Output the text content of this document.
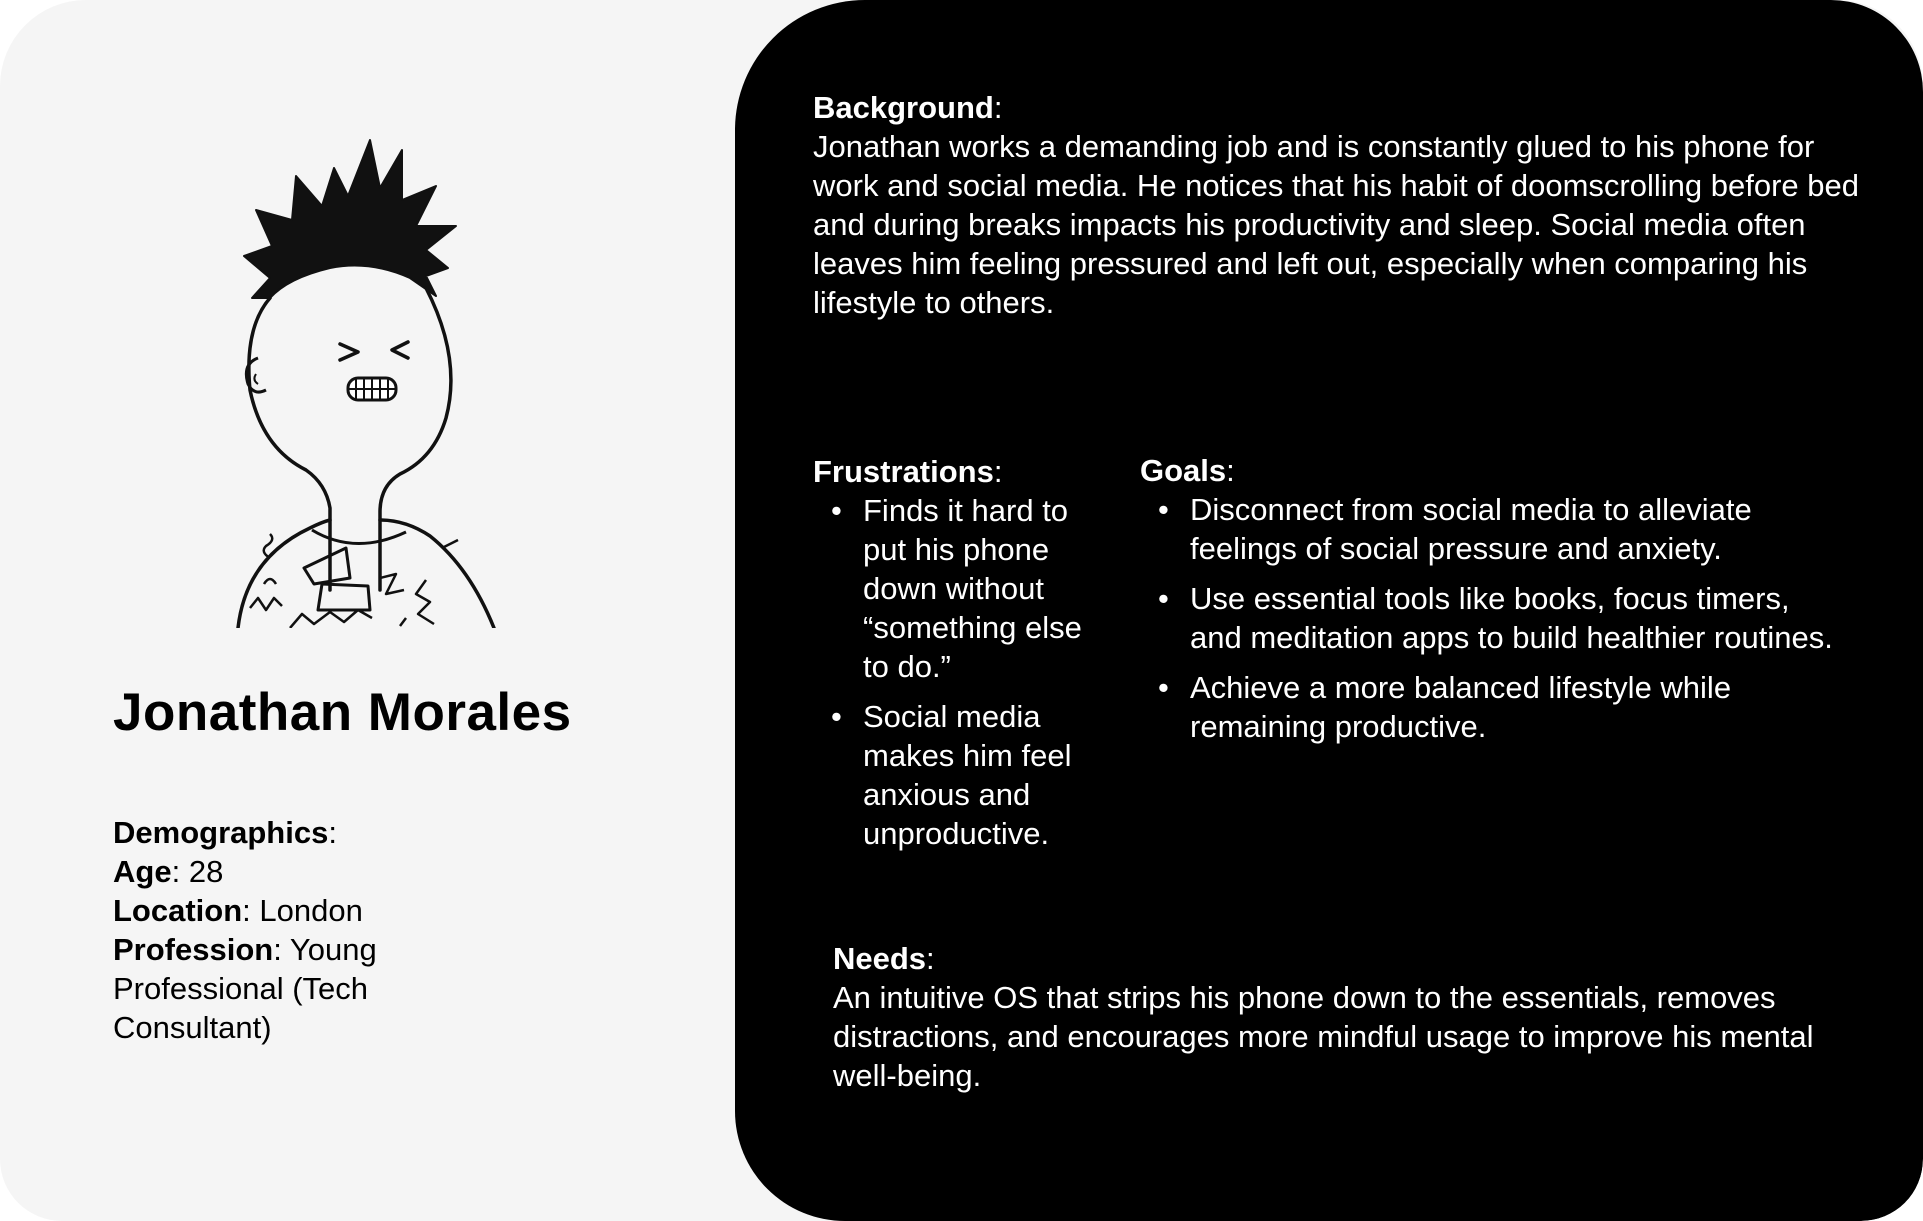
Jonathan Morales

Demographics:

Age: 28

Location: London

Profession: Young Professional (Tech Consultant)

Background:

Jonathan works a demanding job and is constantly glued to his phone for work and social media. He notices that his habit of doomscrolling before bed and during breaks impacts his productivity and sleep. Social media often leaves him feeling pressured and left out, especially when comparing his lifestyle to others.

Frustrations:

• Finds it hard to put his phone down without “something else to do.”
• Social media makes him feel anxious and unproductive.

Goals:

• Disconnect from social media to alleviate feelings of social pressure and anxiety.
• Use essential tools like books, focus timers, and meditation apps to build healthier routines.
• Achieve a more balanced lifestyle while remaining productive.

Needs:

An intuitive OS that strips his phone down to the essentials, removes distractions, and encourages more mindful usage to improve his mental well-being.
